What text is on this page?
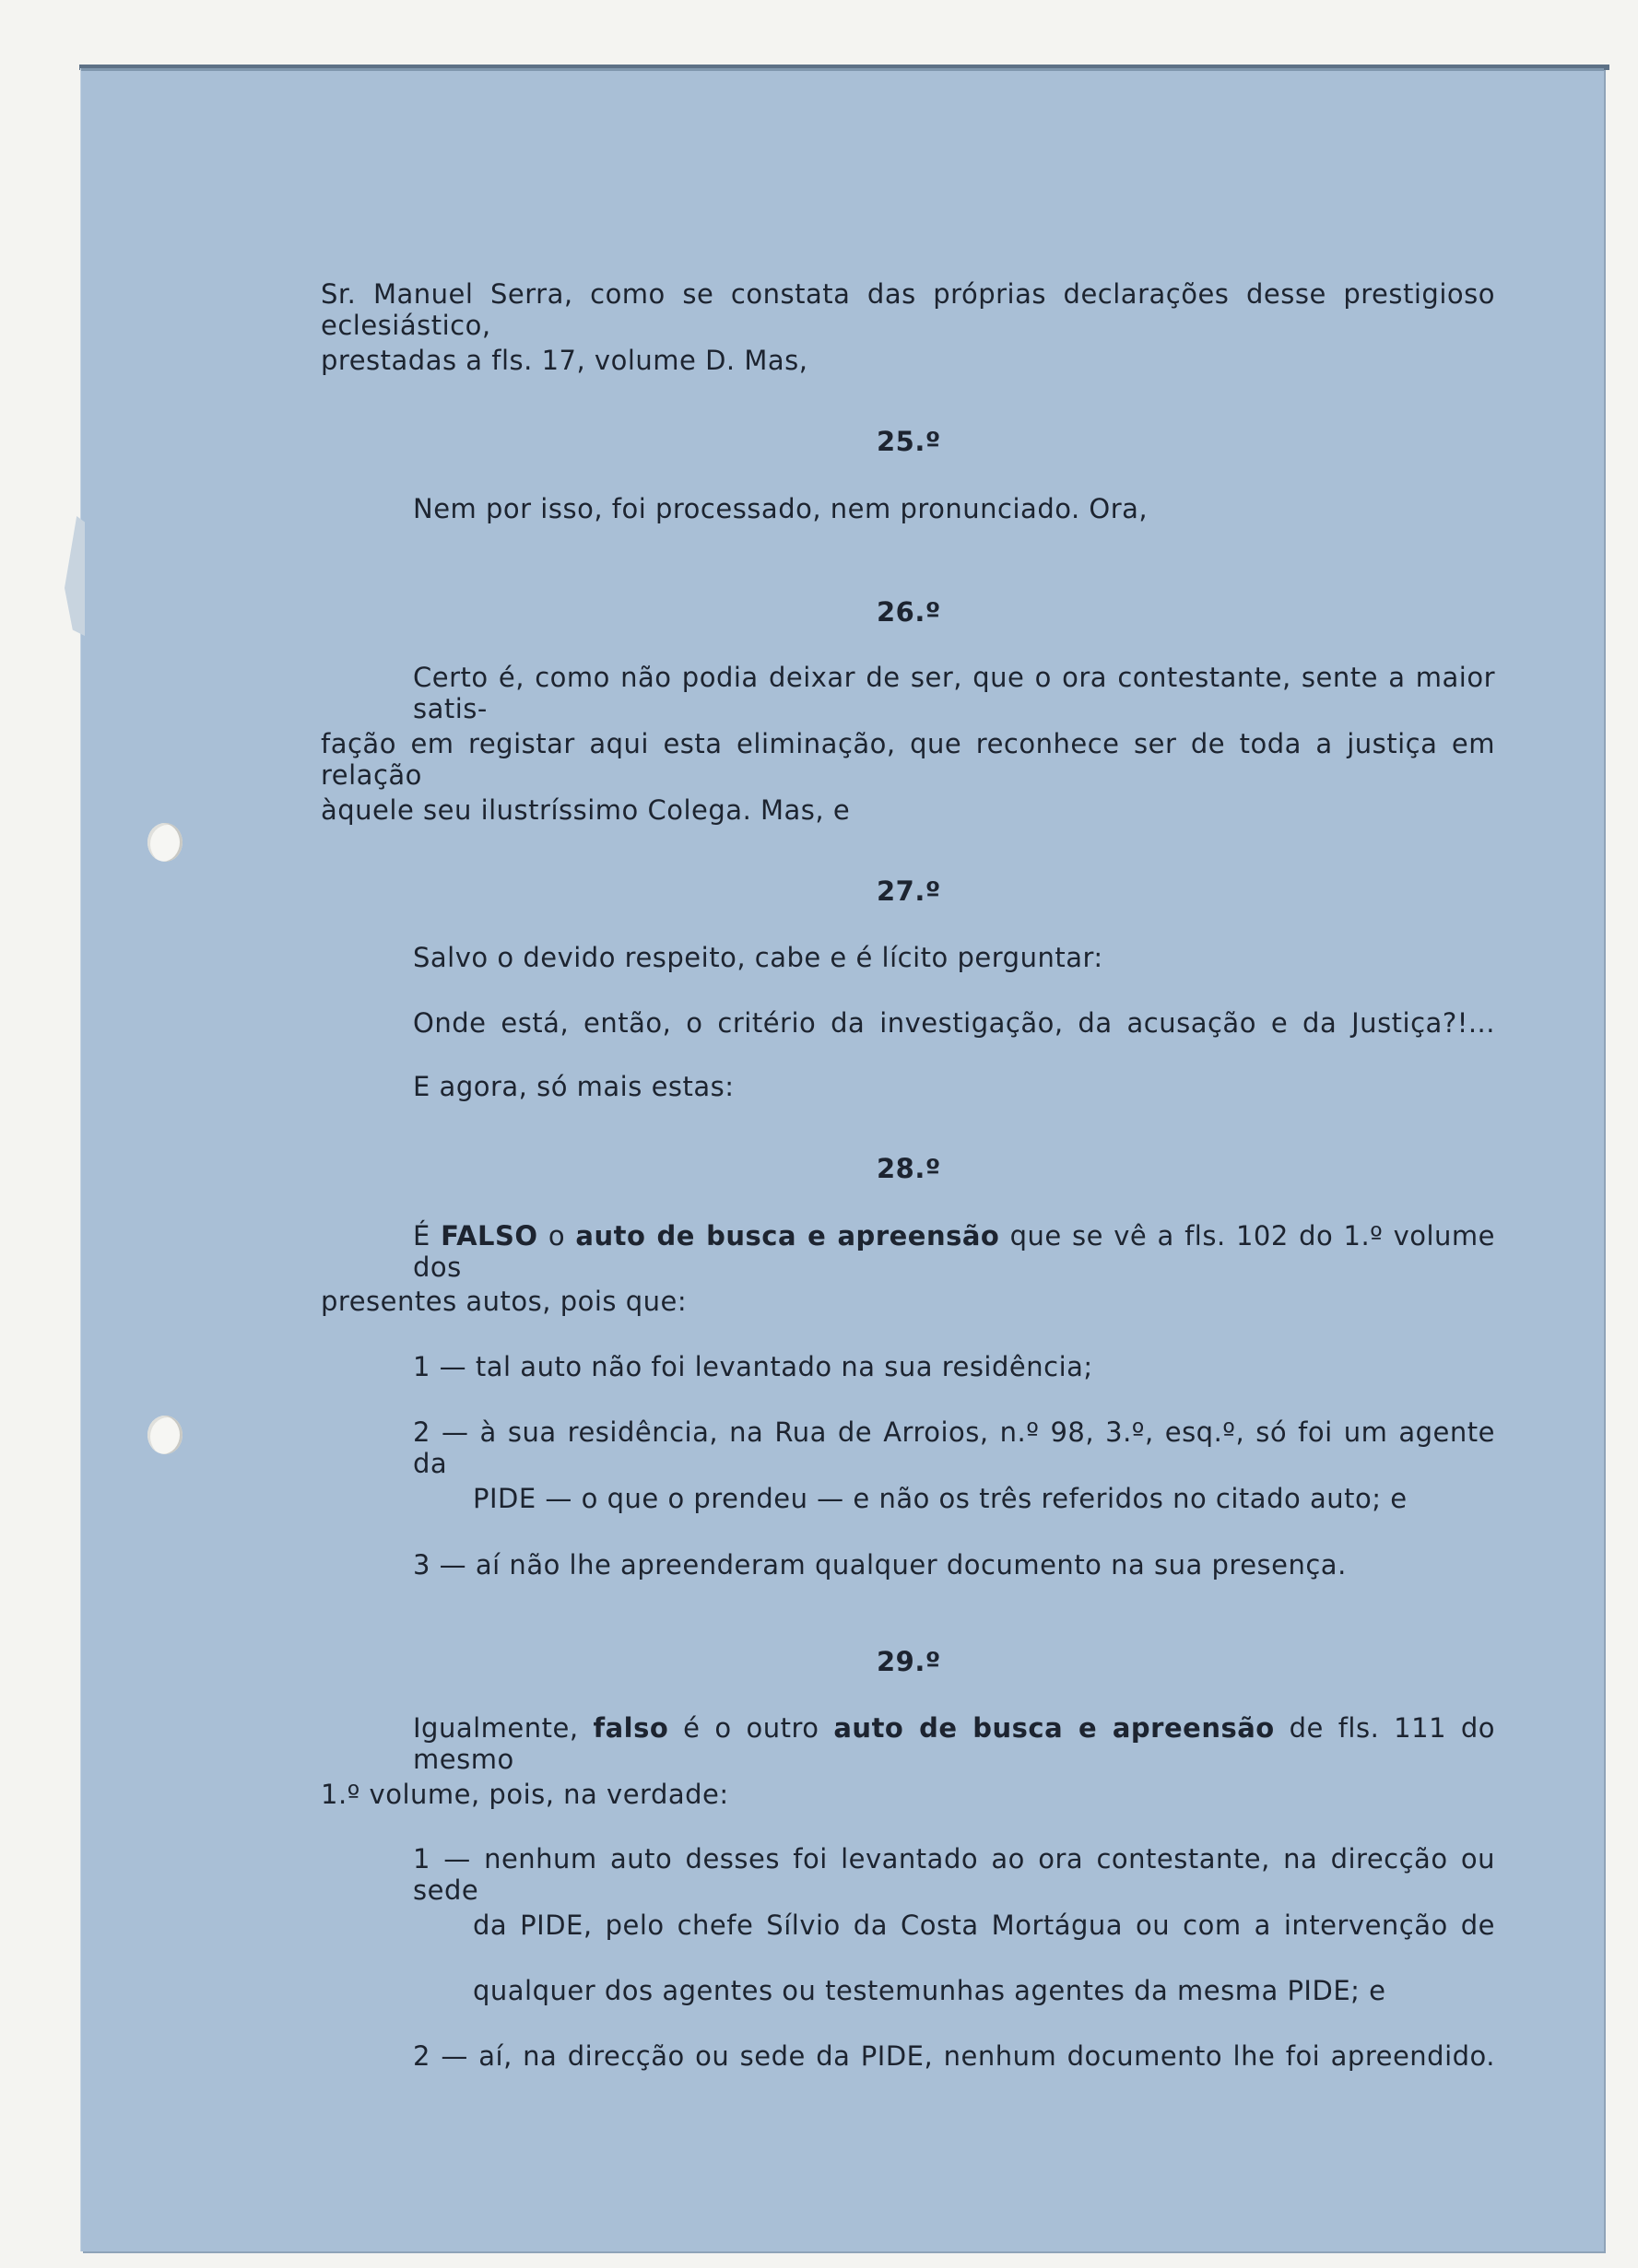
Sr. Manuel Serra, como se constata das próprias declarações desse prestigioso eclesiástico,
prestadas a fls. 17, volume D. Mas,
25.º
Nem por isso, foi processado, nem pronunciado. Ora,
26.º
Certo é, como não podia deixar de ser, que o ora contestante, sente a maior satis-
fação em registar aqui esta eliminação, que reconhece ser de toda a justiça em relação
àquele seu ilustríssimo Colega. Mas, e
27.º
Salvo o devido respeito, cabe e é lícito perguntar:
Onde está, então, o critério da investigação, da acusação e da Justiça?!...
E agora, só mais estas:
28.º
É FALSO o auto de busca e apreensão que se vê a fls. 102 do 1.º volume dos
presentes autos, pois que:
1 — tal auto não foi levantado na sua residência;
2 — à sua residência, na Rua de Arroios, n.º 98, 3.º, esq.º, só foi um agente da
PIDE — o que o prendeu — e não os três referidos no citado auto; e
3 — aí não lhe apreenderam qualquer documento na sua presença.
29.º
Igualmente, falso é o outro auto de busca e apreensão de fls. 111 do mesmo
1.º volume, pois, na verdade:
1 — nenhum auto desses foi levantado ao ora contestante, na direcção ou sede
da PIDE, pelo chefe Sílvio da Costa Mortágua ou com a intervenção de
qualquer dos agentes ou testemunhas agentes da mesma PIDE; e
2 — aí, na direcção ou sede da PIDE, nenhum documento lhe foi apreendido.
